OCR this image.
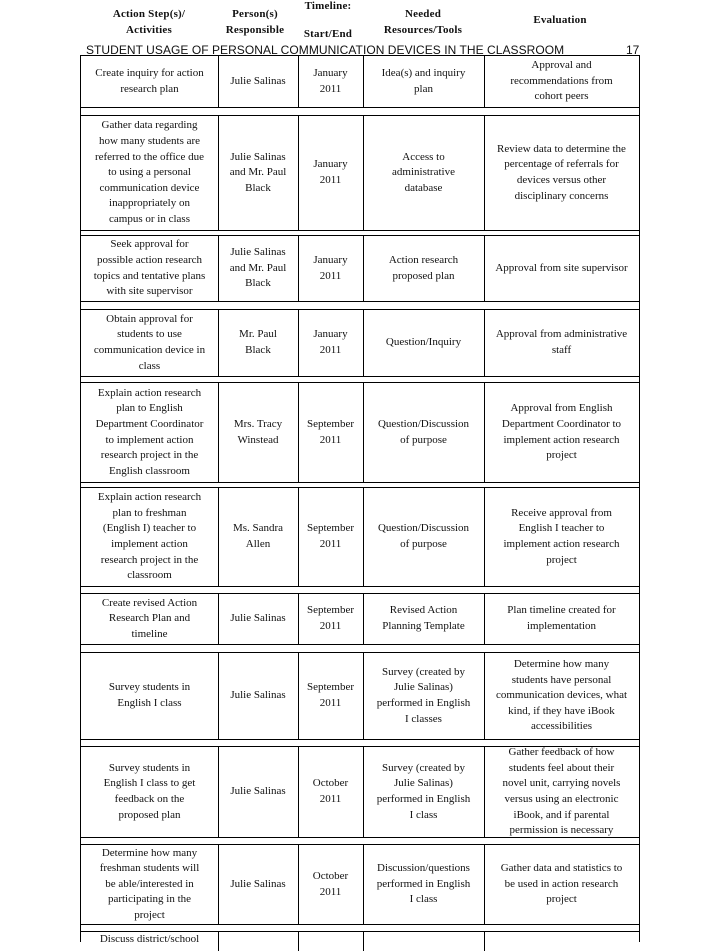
Action Step(s)/
Activities
Person(s)
Responsible
Timeline:

Start/End
Needed
Resources/Tools
Evaluation
STUDENT USAGE OF PERSONAL COMMUNICATION DEVICES IN THE CLASSROOM	17
Create inquiry for action
research plan
Julie Salinas
January
2011
Idea(s) and inquiry
plan
Approval and
recommendations from
cohort peers
Gather data regarding
how many students are
referred to the office due
to using a personal
communication device
inappropriately on
campus or in class
Julie Salinas
and Mr. Paul
Black
January
2011
Access to
administrative
database
Review data to determine the
percentage of referrals for
devices versus other
disciplinary concerns
Seek approval for
possible action research
topics and tentative plans
with site supervisor
Julie Salinas
and Mr. Paul
Black
January
2011
Action research
proposed plan
Approval from site supervisor
Obtain approval for
students to use
communication device in
class
Mr. Paul
Black
January
2011
Question/Inquiry
Approval from administrative
staff
Explain action research
plan to English
Department Coordinator
to implement action
research project in the
English classroom
Mrs. Tracy
Winstead
September
2011
Question/Discussion
of purpose
Approval from English
Department Coordinator to
implement action research
project
Explain action research
plan to freshman
(English I) teacher to
implement action
research project in the
classroom
Ms. Sandra
Allen
September
2011
Question/Discussion
of purpose
Receive approval from
English I teacher to
implement action research
project
Create revised Action
Research Plan and
timeline
Julie Salinas
September
2011
Revised Action
Planning Template
Plan timeline created for
implementation
Survey students in
English I class
Julie Salinas
September
2011
Survey (created by
Julie Salinas)
performed in English
I classes
Determine how many
students have personal
communication devices, what
kind, if they have iBook
accessibilities
Survey students in
English I class to get
feedback on the
proposed plan
Julie Salinas
October
2011
Survey (created by
Julie Salinas)
performed in English
I class
Gather feedback of how
students feel about their
novel unit, carrying novels
versus using an electronic
iBook, and if parental
permission is necessary
Determine how many
freshman students will
be able/interested in
participating in the
project
Julie Salinas
October
2011
Discussion/questions
performed in English
I class
Gather data and statistics to
be used in action research
project
Discuss district/school
